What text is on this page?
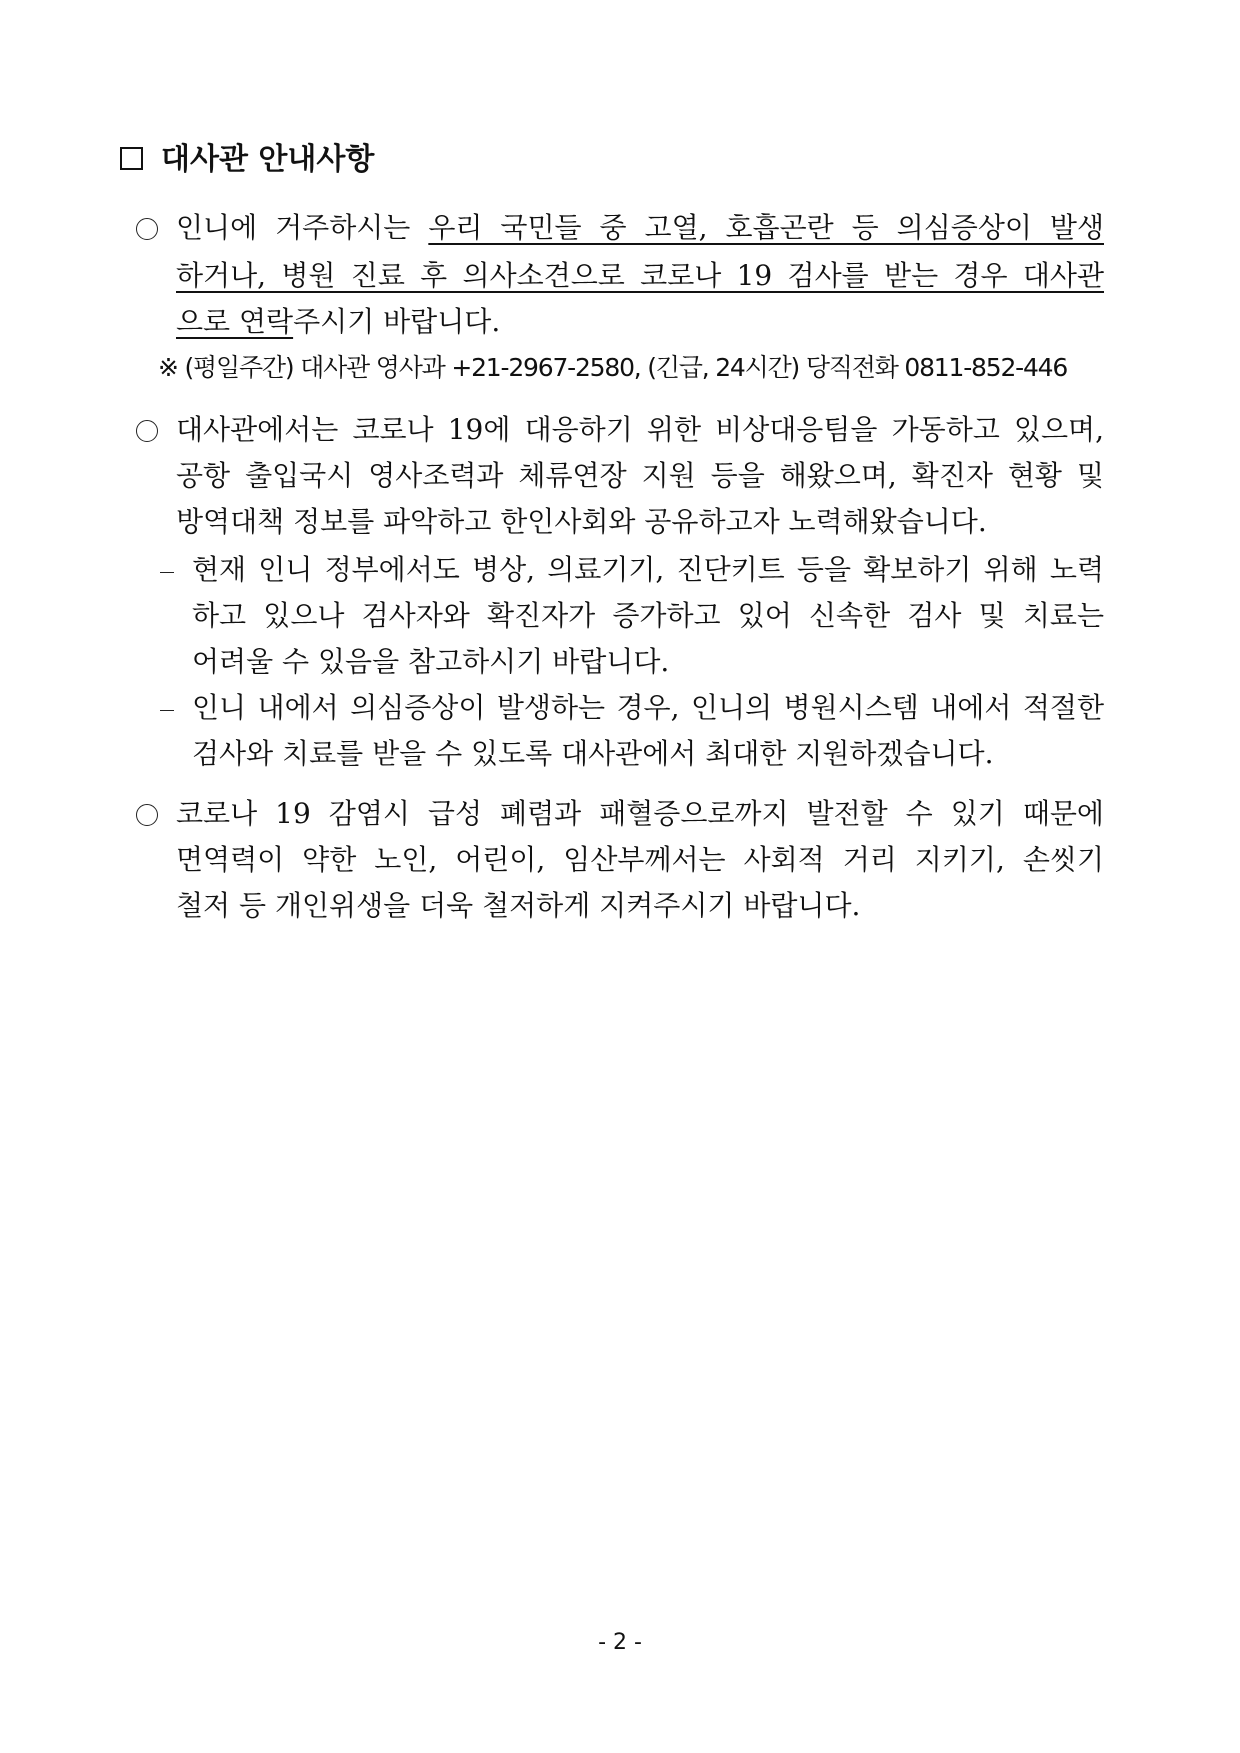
대사관 안내사항
인니에 거주하시는 우리 국민들 중 고열, 호흡곤란 등 의심증상이 발생
하거나, 병원 진료 후 의사소견으로 코로나 19 검사를 받는 경우 대사관
으로 연락주시기 바랍니다.
※ (평일주간) 대사관 영사과 +21-2967-2580, (긴급, 24시간) 당직전화 0811-852-446
대사관에서는 코로나 19에 대응하기 위한 비상대응팀을 가동하고 있으며,
공항 출입국시 영사조력과 체류연장 지원 등을 해왔으며, 확진자 현황 및
방역대책 정보를 파악하고 한인사회와 공유하고자 노력해왔습니다.
현재 인니 정부에서도 병상, 의료기기, 진단키트 등을 확보하기 위해 노력
하고 있으나 검사자와 확진자가 증가하고 있어 신속한 검사 및 치료는
어려울 수 있음을 참고하시기 바랍니다.
인니 내에서 의심증상이 발생하는 경우, 인니의 병원시스템 내에서 적절한
검사와 치료를 받을 수 있도록 대사관에서 최대한 지원하겠습니다.
코로나 19 감염시 급성 폐렴과 패혈증으로까지 발전할 수 있기 때문에
면역력이 약한 노인, 어린이, 임산부께서는 사회적 거리 지키기, 손씻기
철저 등 개인위생을 더욱 철저하게 지켜주시기 바랍니다.
- 2 -
